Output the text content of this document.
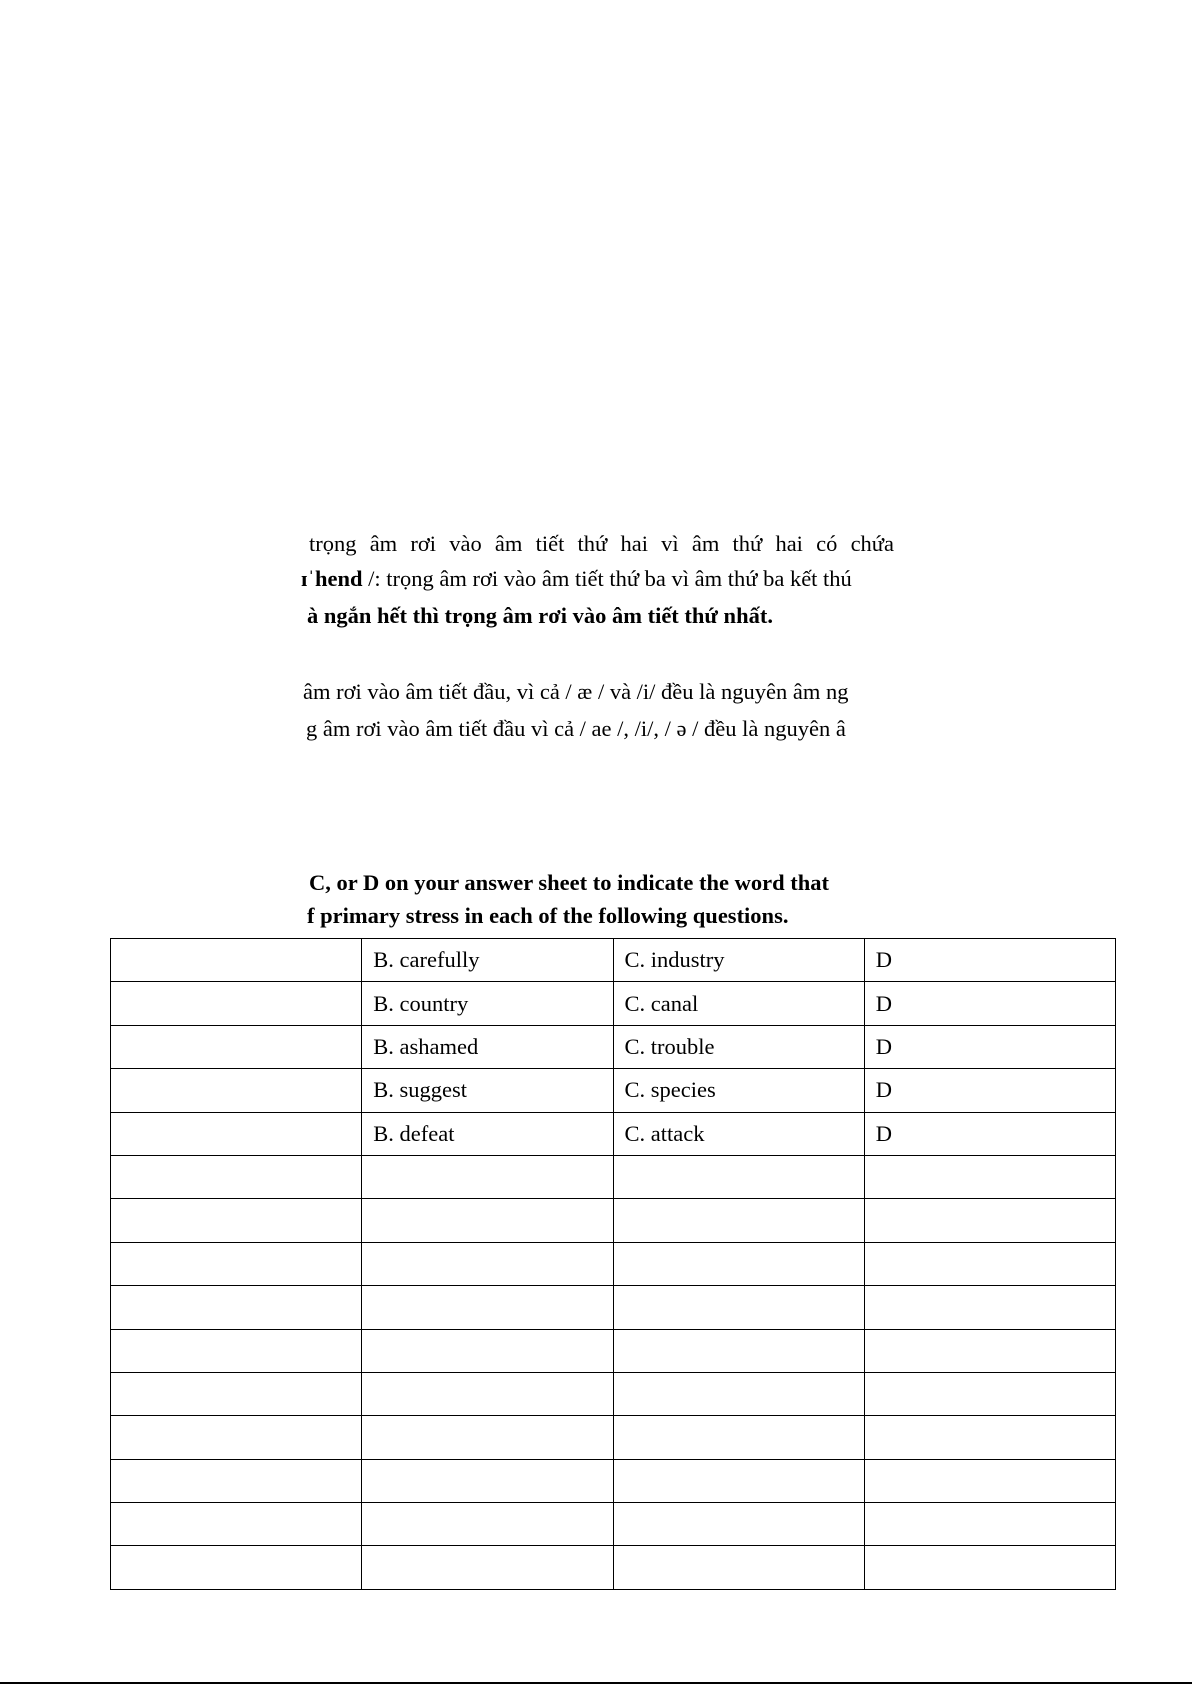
trọng âm rơi vào âm tiết thứ hai vì âm thứ hai có chứa
ɪˈhend /: trọng âm rơi vào âm tiết thứ ba vì âm thứ ba kết thú
à ngắn hết thì trọng âm rơi vào âm tiết thứ nhất.
âm rơi vào âm tiết đầu, vì cả / æ / và /i/ đều là nguyên âm ng
g âm rơi vào âm tiết đầu vì cả / ae /, /i/, / ə / đều là nguyên â
C, or D on your answer sheet to indicate the word that
f primary stress in each of the following questions.
	B. carefully	C. industry	D
	B. country	C. canal	D
	B. ashamed	C. trouble	D
	B. suggest	C. species	D
	B. defeat	C. attack	D
